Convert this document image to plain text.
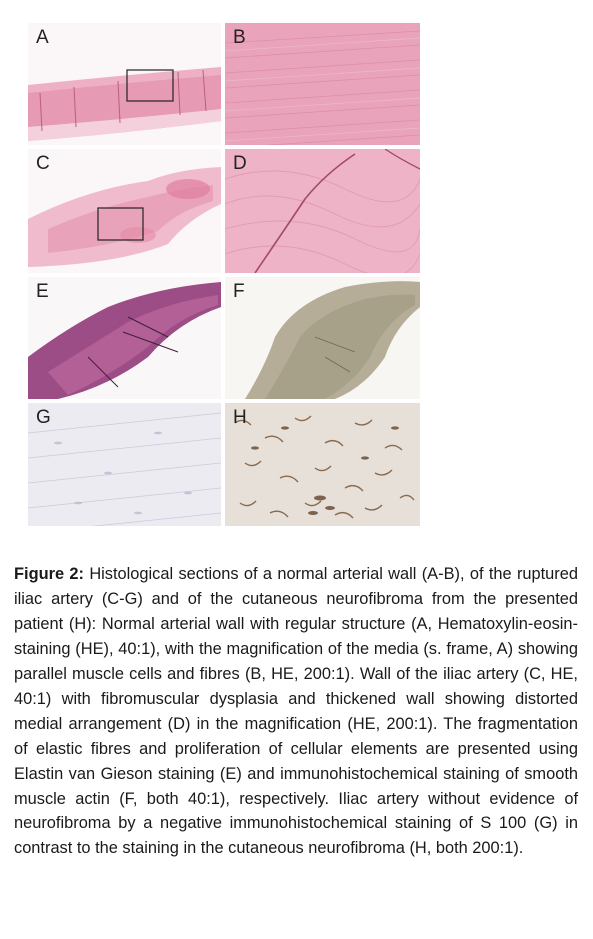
A	B
C	D
E	F
G	H

Figure 2: Histological sections of a normal arterial wall (A-B), of the ruptured iliac artery (C-G) and of the cutaneous neurofibroma from the presented patient (H): Normal arterial wall with regular structure (A, Hematoxylin-eosin-staining (HE), 40:1), with the magnification of the media (s. frame, A) showing parallel muscle cells and fibres (B, HE, 200:1). Wall of the iliac artery (C, HE, 40:1) with fibromuscular dysplasia and thickened wall showing distorted medial arrangement (D) in the magnification (HE, 200:1). The fragmentation of elastic fibres and proliferation of cellular elements are presented using Elastin van Gieson staining (E) and immunohistochemical staining of smooth muscle actin (F, both 40:1), respectively. Iliac artery without evidence of neurofibroma by a negative immunohistochemical staining of S 100 (G) in contrast to the staining in the cutaneous neurofibroma (H, both 200:1).
